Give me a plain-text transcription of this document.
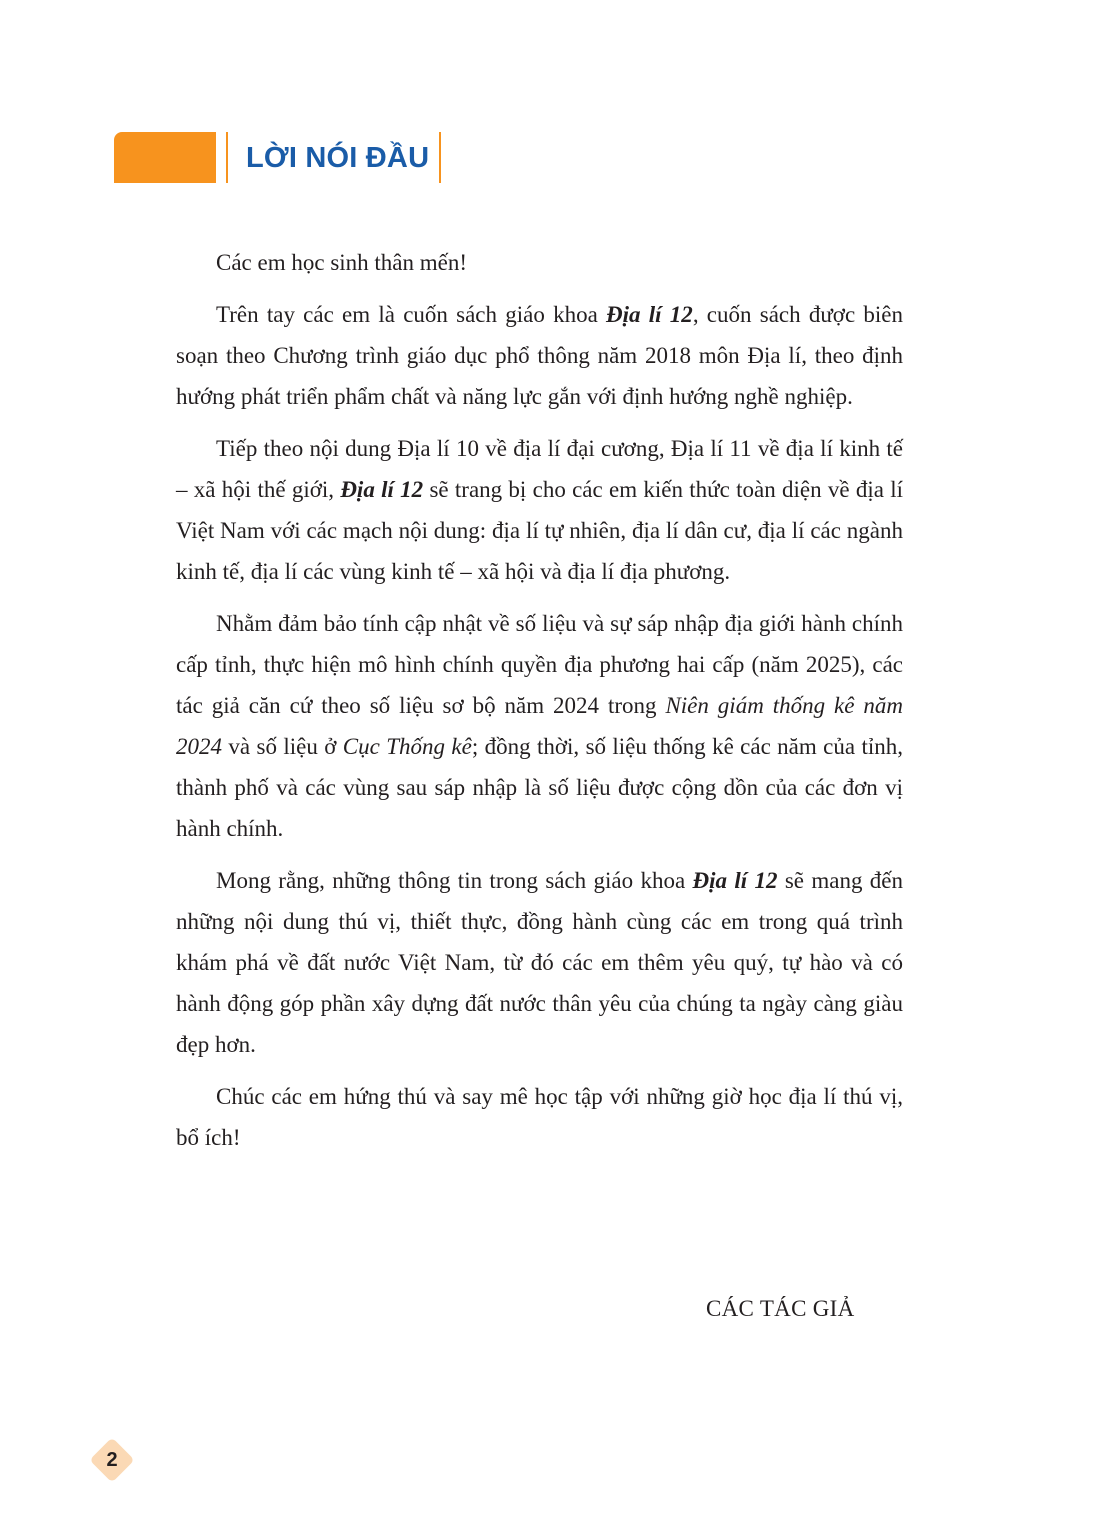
LỜI NÓI ĐẦU

Các em học sinh thân mến!

Trên tay các em là cuốn sách giáo khoa Địa lí 12, cuốn sách được biên soạn theo Chương trình giáo dục phổ thông năm 2018 môn Địa lí, theo định hướng phát triển phẩm chất và năng lực gắn với định hướng nghề nghiệp.

Tiếp theo nội dung Địa lí 10 về địa lí đại cương, Địa lí 11 về địa lí kinh tế – xã hội thế giới, Địa lí 12 sẽ trang bị cho các em kiến thức toàn diện về địa lí Việt Nam với các mạch nội dung: địa lí tự nhiên, địa lí dân cư, địa lí các ngành kinh tế, địa lí các vùng kinh tế – xã hội và địa lí địa phương.

Nhằm đảm bảo tính cập nhật về số liệu và sự sáp nhập địa giới hành chính cấp tỉnh, thực hiện mô hình chính quyền địa phương hai cấp (năm 2025), các tác giả căn cứ theo số liệu sơ bộ năm 2024 trong Niên giám thống kê năm 2024 và số liệu ở Cục Thống kê; đồng thời, số liệu thống kê các năm của tỉnh, thành phố và các vùng sau sáp nhập là số liệu được cộng dồn của các đơn vị hành chính.

Mong rằng, những thông tin trong sách giáo khoa Địa lí 12 sẽ mang đến những nội dung thú vị, thiết thực, đồng hành cùng các em trong quá trình khám phá về đất nước Việt Nam, từ đó các em thêm yêu quý, tự hào và có hành động góp phần xây dựng đất nước thân yêu của chúng ta ngày càng giàu đẹp hơn.

Chúc các em hứng thú và say mê học tập với những giờ học địa lí thú vị, bổ ích!

CÁC TÁC GIẢ
2
